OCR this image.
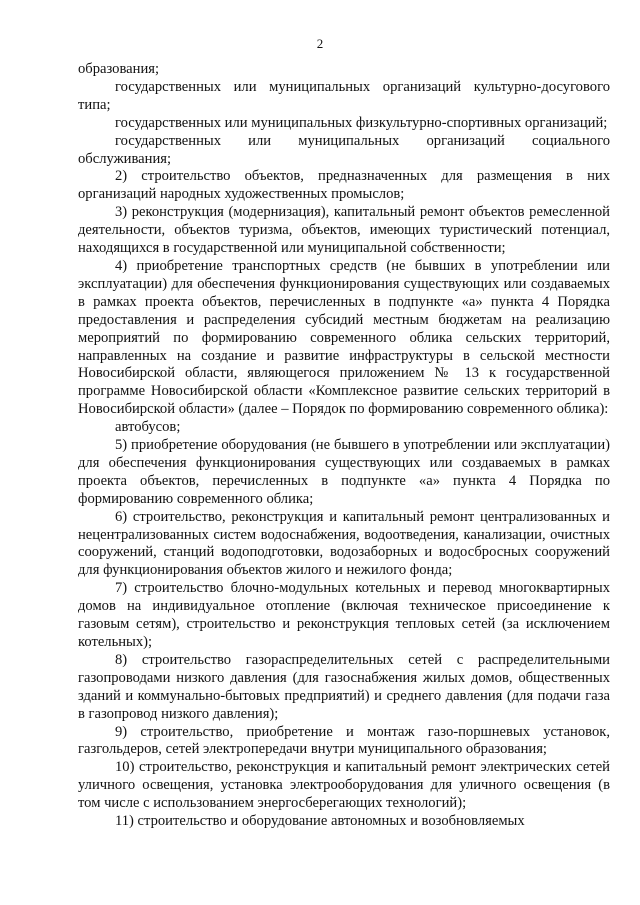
2

образования;

государственных или муниципальных организаций культурно-досугового типа;

государственных или муниципальных физкультурно-спортивных организаций;

государственных или муниципальных организаций социального обслуживания;

2) строительство объектов, предназначенных для размещения в них организаций народных художественных промыслов;

3) реконструкция (модернизация), капитальный ремонт объектов ремесленной деятельности, объектов туризма, объектов, имеющих туристический потенциал, находящихся в государственной или муниципальной собственности;

4) приобретение транспортных средств (не бывших в употреблении или эксплуатации) для обеспечения функционирования существующих или создаваемых в рамках проекта объектов, перечисленных в подпункте «а» пункта 4 Порядка предоставления и распределения субсидий местным бюджетам на реализацию мероприятий по формированию современного облика сельских территорий, направленных на создание и развитие инфраструктуры в сельской местности Новосибирской области, являющегося приложением № 13 к государственной программе Новосибирской области «Комплексное развитие сельских территорий в Новосибирской области» (далее – Порядок по формированию современного облика):

автобусов;

5) приобретение оборудования (не бывшего в употреблении или эксплуатации) для обеспечения функционирования существующих или создаваемых в рамках проекта объектов, перечисленных в подпункте «а» пункта 4 Порядка по формированию современного облика;

6) строительство, реконструкция и капитальный ремонт централизованных и нецентрализованных систем водоснабжения, водоотведения, канализации, очистных сооружений, станций водоподготовки, водозаборных и водосбросных сооружений для функционирования объектов жилого и нежилого фонда;

7) строительство блочно-модульных котельных и перевод многоквартирных домов на индивидуальное отопление (включая техническое присоединение к газовым сетям), строительство и реконструкция тепловых сетей (за исключением котельных);

8) строительство газораспределительных сетей с распределительными газопроводами низкого давления (для газоснабжения жилых домов, общественных зданий и коммунально-бытовых предприятий) и среднего давления (для подачи газа в газопровод низкого давления);

9) строительство, приобретение и монтаж газо-поршневых установок, газгольдеров, сетей электропередачи внутри муниципального образования;

10) строительство, реконструкция и капитальный ремонт электрических сетей уличного освещения, установка электрооборудования для уличного освещения (в том числе с использованием энергосберегающих технологий);

11) строительство и оборудование автономных и возобновляемых
